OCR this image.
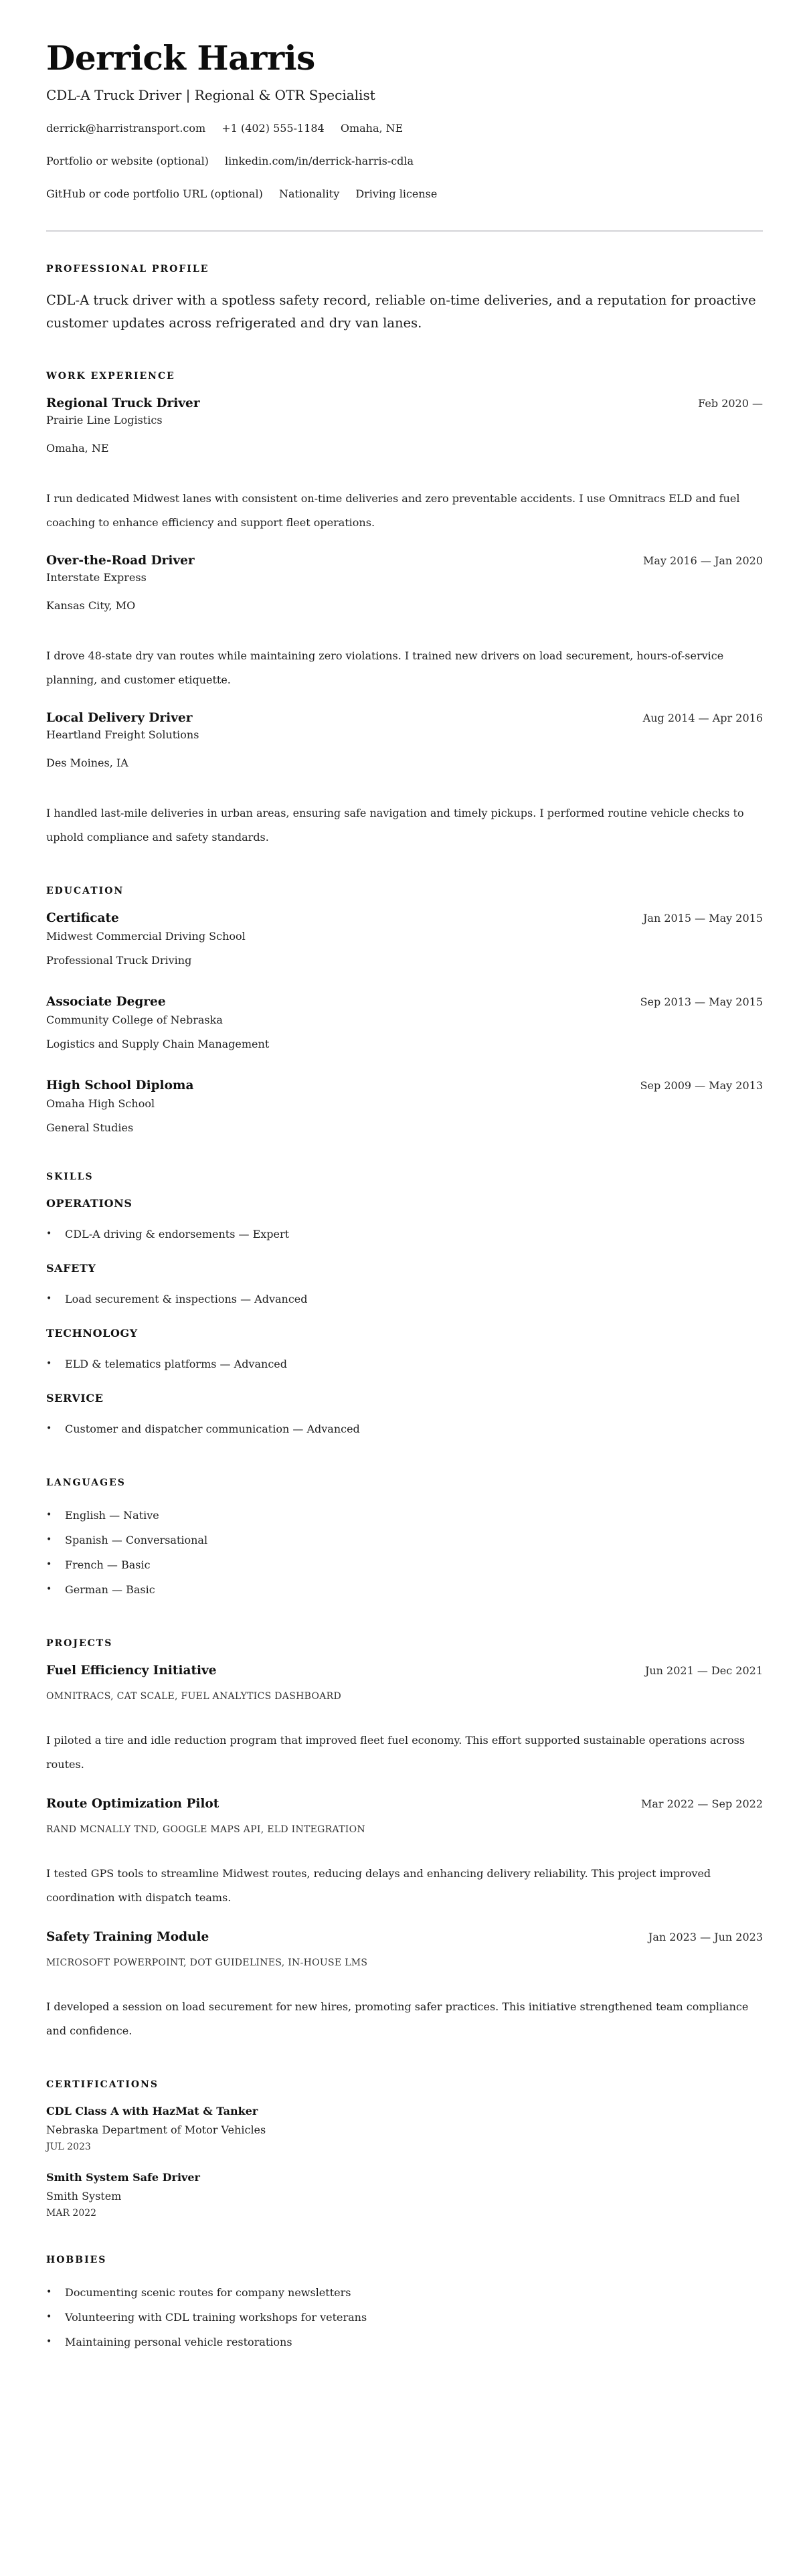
Derrick Harris
CDL-A Truck Driver | Regional & OTR Specialist
derrick@harristransport.com +1 (402) 555-1184 Omaha, NE
Portfolio or website (optional) linkedin.com/in/derrick-harris-cdla
GitHub or code portfolio URL (optional) Nationality Driving license
PROFESSIONAL PROFILE

CDL-A truck driver with a spotless safety record, reliable on-time deliveries, and a reputation for proactive customer updates across refrigerated and dry van lanes.

WORK EXPERIENCE
Regional Truck Driver	Feb 2020 —
Prairie Line Logistics
Omaha, NE

I run dedicated Midwest lanes with consistent on-time deliveries and zero preventable accidents. I use Omnitracs ELD and fuel coaching to enhance efficiency and support fleet operations.

Over-the-Road Driver	May 2016 — Jan 2020
Interstate Express
Kansas City, MO

I drove 48-state dry van routes while maintaining zero violations. I trained new drivers on load securement, hours-of-service planning, and customer etiquette.

Local Delivery Driver	Aug 2014 — Apr 2016
Heartland Freight Solutions
Des Moines, IA

I handled last-mile deliveries in urban areas, ensuring safe navigation and timely pickups. I performed routine vehicle checks to uphold compliance and safety standards.

EDUCATION
Certificate	Jan 2015 — May 2015
Midwest Commercial Driving School
Professional Truck Driving
Associate Degree	Sep 2013 — May 2015
Community College of Nebraska
Logistics and Supply Chain Management
High School Diploma	Sep 2009 — May 2013
Omaha High School
General Studies
SKILLS
OPERATIONS
• CDL-A driving & endorsements — Expert
SAFETY
• Load securement & inspections — Advanced
TECHNOLOGY
• ELD & telematics platforms — Advanced
SERVICE
• Customer and dispatcher communication — Advanced
LANGUAGES
• English — Native
• Spanish — Conversational
• French — Basic
• German — Basic
PROJECTS
Fuel Efficiency Initiative	Jun 2021 — Dec 2021
OMNITRACS, CAT SCALE, FUEL ANALYTICS DASHBOARD

I piloted a tire and idle reduction program that improved fleet fuel economy. This effort supported sustainable operations across routes.

Route Optimization Pilot	Mar 2022 — Sep 2022
RAND MCNALLY TND, GOOGLE MAPS API, ELD INTEGRATION

I tested GPS tools to streamline Midwest routes, reducing delays and enhancing delivery reliability. This project improved coordination with dispatch teams.

Safety Training Module	Jan 2023 — Jun 2023
MICROSOFT POWERPOINT, DOT GUIDELINES, IN-HOUSE LMS

I developed a session on load securement for new hires, promoting safer practices. This initiative strengthened team compliance and confidence.

CERTIFICATIONS
CDL Class A with HazMat & Tanker
Nebraska Department of Motor Vehicles
JUL 2023
Smith System Safe Driver
Smith System
MAR 2022
HOBBIES
• Documenting scenic routes for company newsletters
• Volunteering with CDL training workshops for veterans
• Maintaining personal vehicle restorations
